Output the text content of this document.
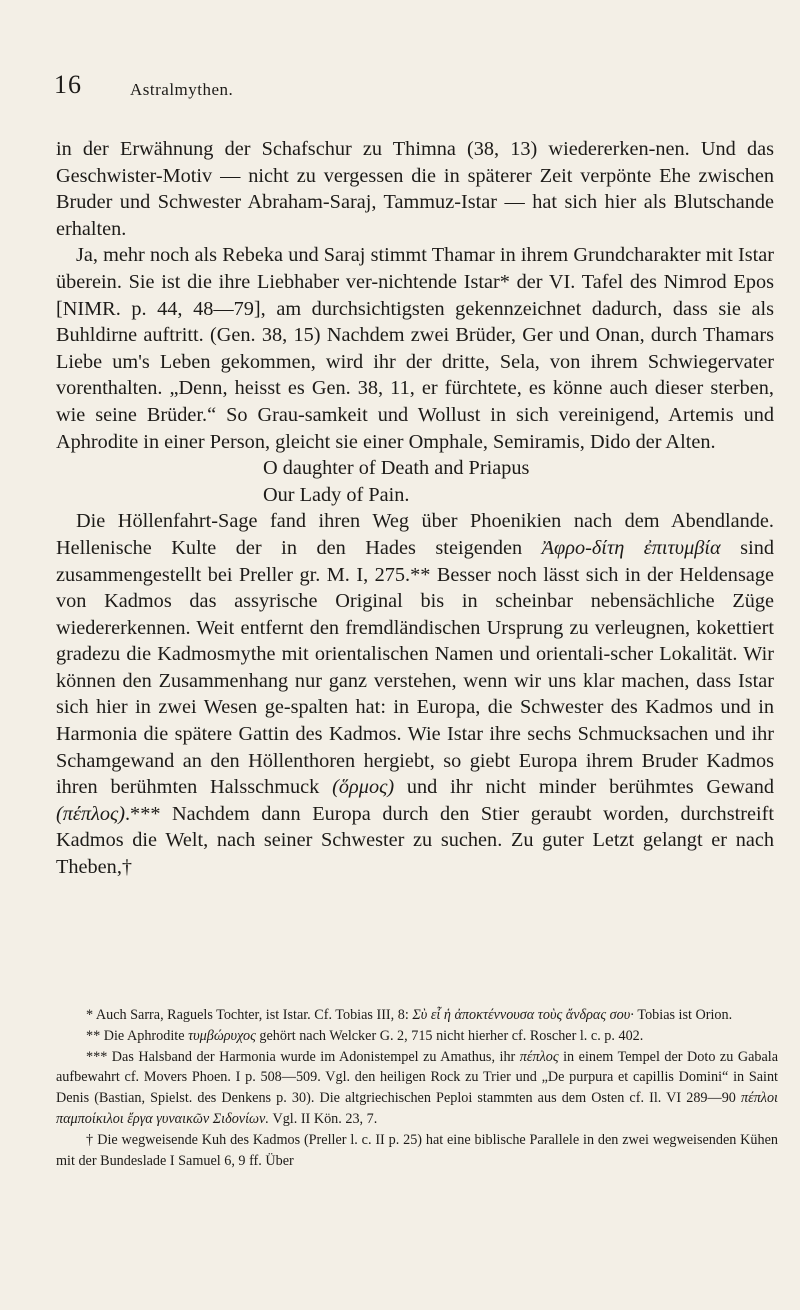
16	Astralmythen.

in der Erwähnung der Schafschur zu Thimna (38, 13) wiedererken-nen. Und das Geschwister-Motiv — nicht zu vergessen die in späterer Zeit verpönte Ehe zwischen Bruder und Schwester Abraham-Saraj, Tammuz-Istar — hat sich hier als Blutschande erhalten.

Ja, mehr noch als Rebeka und Saraj stimmt Thamar in ihrem Grundcharakter mit Istar überein. Sie ist die ihre Liebhaber ver-nichtende Istar* der VI. Tafel des Nimrod Epos [NIMR. p. 44, 48—79], am durchsichtigsten gekennzeichnet dadurch, dass sie als Buhldirne auftritt. (Gen. 38, 15) Nachdem zwei Brüder, Ger und Onan, durch Thamars Liebe um's Leben gekommen, wird ihr der dritte, Sela, von ihrem Schwiegervater vorenthalten. „Denn, heisst es Gen. 38, 11, er fürchtete, es könne auch dieser sterben, wie seine Brüder.“ So Grau-samkeit und Wollust in sich vereinigend, Artemis und Aphrodite in einer Person, gleicht sie einer Omphale, Semiramis, Dido der Alten.

O daughter of Death and Priapus
Our Lady of Pain.

Die Höllenfahrt-Sage fand ihren Weg über Phoenikien nach dem Abendlande. Hellenische Kulte der in den Hades steigenden Ἀφρο-δίτη ἐπιτυμβία sind zusammengestellt bei Preller gr. M. I, 275.** Besser noch lässt sich in der Heldensage von Kadmos das assyrische Original bis in scheinbar nebensächliche Züge wiedererkennen. Weit entfernt den fremdländischen Ursprung zu verleugnen, kokettiert gradezu die Kadmosmythe mit orientalischen Namen und orientali-scher Lokalität. Wir können den Zusammenhang nur ganz verstehen, wenn wir uns klar machen, dass Istar sich hier in zwei Wesen ge-spalten hat: in Europa, die Schwester des Kadmos und in Harmonia die spätere Gattin des Kadmos. Wie Istar ihre sechs Schmucksachen und ihr Schamgewand an den Höllenthoren hergiebt, so giebt Europa ihrem Bruder Kadmos ihren berühmten Halsschmuck (ὅρμος) und ihr nicht minder berühmtes Gewand (πέπλος).*** Nachdem dann Europa durch den Stier geraubt worden, durchstreift Kadmos die Welt, nach seiner Schwester zu suchen. Zu guter Letzt gelangt er nach Theben,†

* Auch Sarra, Raguels Tochter, ist Istar. Cf. Tobias III, 8: Σὺ εἶ ἡ ἀποκτέννουσα τοὺς ἄνδρας σου· Tobias ist Orion.

** Die Aphrodite τυμβώρυχος gehört nach Welcker G. 2, 715 nicht hierher cf. Roscher l. c. p. 402.

*** Das Halsband der Harmonia wurde im Adonistempel zu Amathus, ihr πέπλος in einem Tempel der Doto zu Gabala aufbewahrt cf. Movers Phoen. I p. 508—509. Vgl. den heiligen Rock zu Trier und „De purpura et capillis Domini“ in Saint Denis (Bastian, Spielst. des Denkens p. 30). Die altgriechischen Peploi stammten aus dem Osten cf. Il. VI 289—90 πέπλοι παμποίκιλοι ἔργα γυναικῶν Σιδονίων. Vgl. II Kön. 23, 7.

† Die wegweisende Kuh des Kadmos (Preller l. c. II p. 25) hat eine biblische Parallele in den zwei wegweisenden Kühen mit der Bundeslade I Samuel 6, 9 ff. Über
